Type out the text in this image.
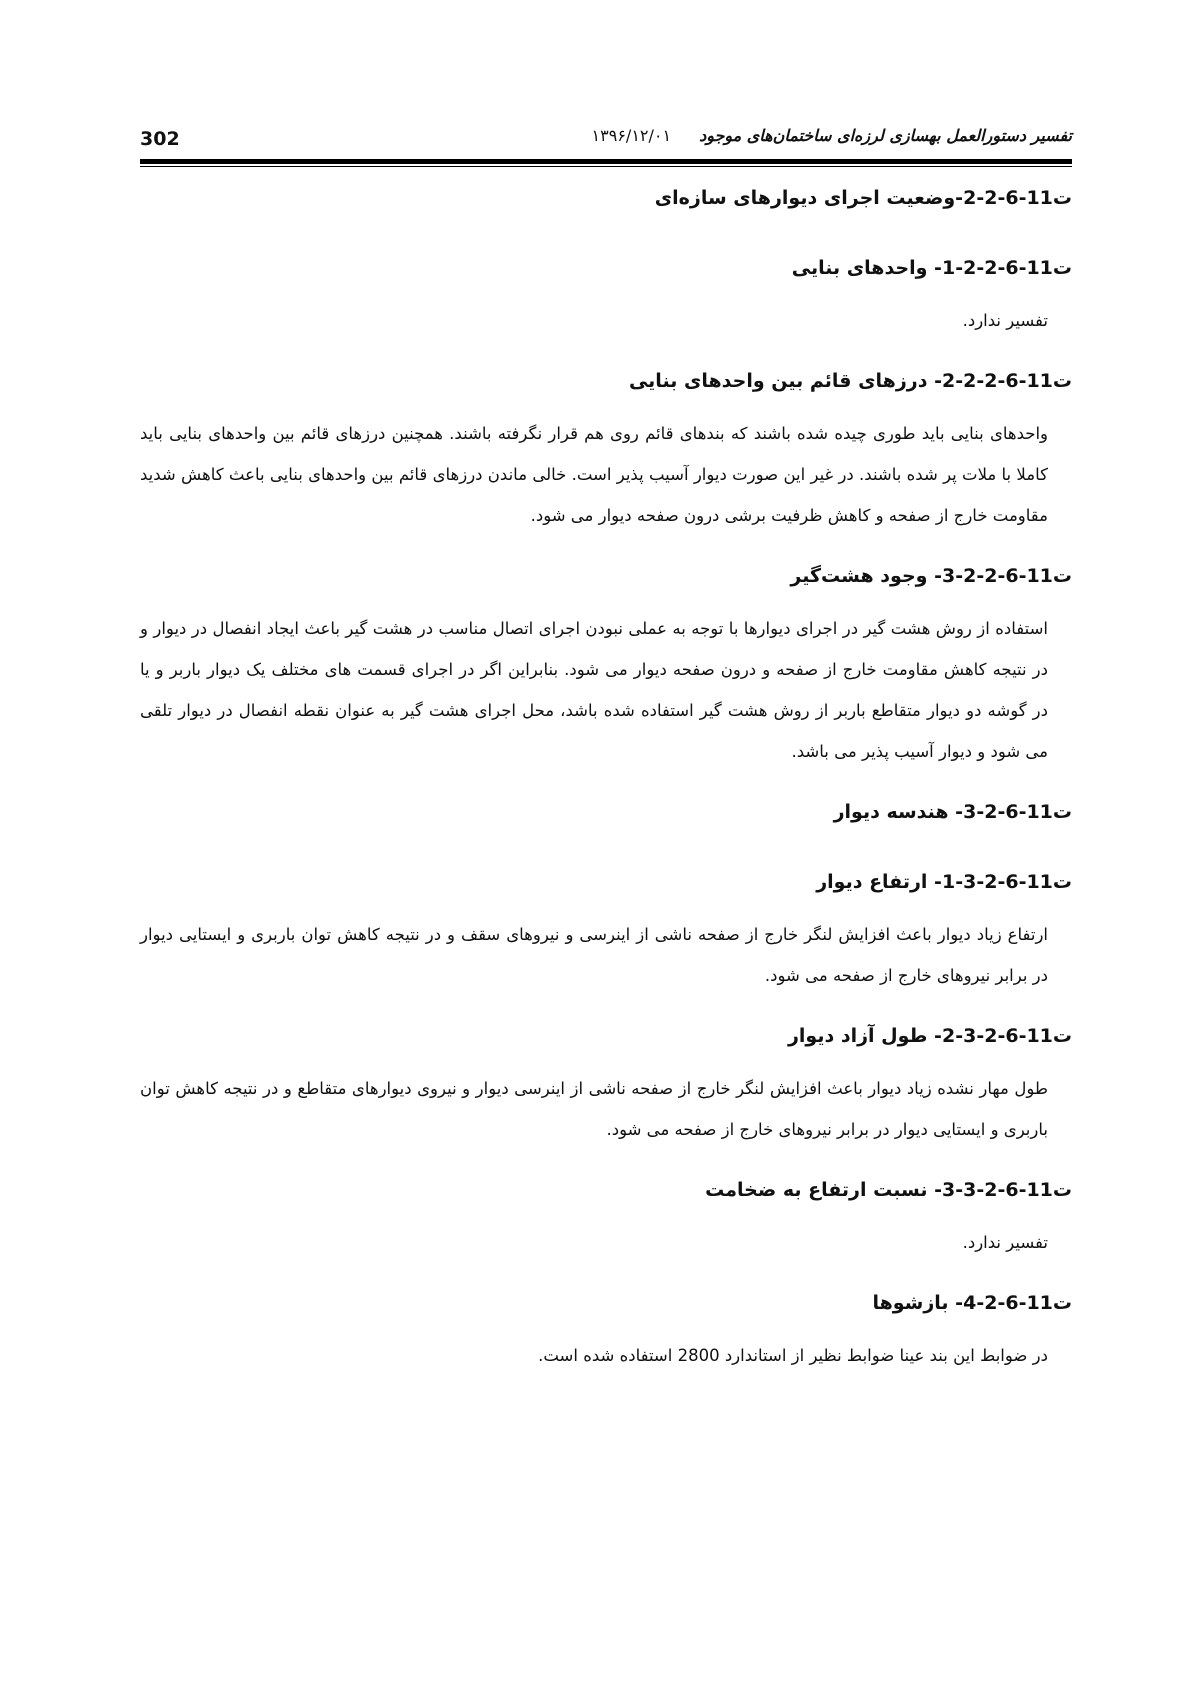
302	تفسیر دستورالعمل بهسازی لرزه‌ای ساختمان‌های موجود۱۳۹۶/۱۲/۰۱
ت11-6-2-2-وضعیت اجرای دیوارهای سازه‌ای
ت11-6-2-2-1- واحدهای بنایی

تفسیر ندارد.

ت11-6-2-2-2- درزهای قائم بین واحدهای بنایی

واحدهای بنایی باید طوری چیده شده باشند که بندهای قائم روی هم قرار نگرفته باشند. همچنین درزهای قائم بین واحدهای بنایی باید کاملا با ملات پر شده باشند. در غیر این صورت دیوار آسیب پذیر است. خالی ماندن درزهای قائم بین واحدهای بنایی باعث کاهش شدید مقاومت خارج از صفحه و کاهش ظرفیت برشی درون صفحه دیوار می شود.

ت11-6-2-2-3- وجود هشت‌گیر

استفاده از روش هشت گیر در اجرای دیوارها با توجه به عملی نبودن اجرای اتصال مناسب در هشت گیر باعث ایجاد انفصال در دیوار و در نتیجه کاهش مقاومت خارج از صفحه و درون صفحه دیوار می شود. بنابراین اگر در اجرای قسمت های مختلف یک دیوار باربر و یا در گوشه دو دیوار متقاطع باربر از روش هشت گیر استفاده شده باشد، محل اجرای هشت گیر به عنوان نقطه انفصال در دیوار تلقی می شود و دیوار آسیب پذیر می باشد.

ت11-6-2-3- هندسه دیوار
ت11-6-2-3-1- ارتفاع دیوار

ارتفاع زیاد دیوار باعث افزایش لنگر خارج از صفحه ناشی از اینرسی و نیروهای سقف و در نتیجه کاهش توان باربری و ایستایی دیوار در برابر نیروهای خارج از صفحه می شود.

ت11-6-2-3-2- طول آزاد دیوار

طول مهار نشده زیاد دیوار باعث افزایش لنگر خارج از صفحه ناشی از اینرسی دیوار و نیروی دیوارهای متقاطع و در نتیجه کاهش توان باربری و ایستایی دیوار در برابر نیروهای خارج از صفحه می شود.

ت11-6-2-3-3- نسبت ارتفاع به ضخامت

تفسیر ندارد.

ت11-6-2-4- بازشوها

در ضوابط این بند عینا ضوابط نظیر از استاندارد 2800 استفاده شده است.
